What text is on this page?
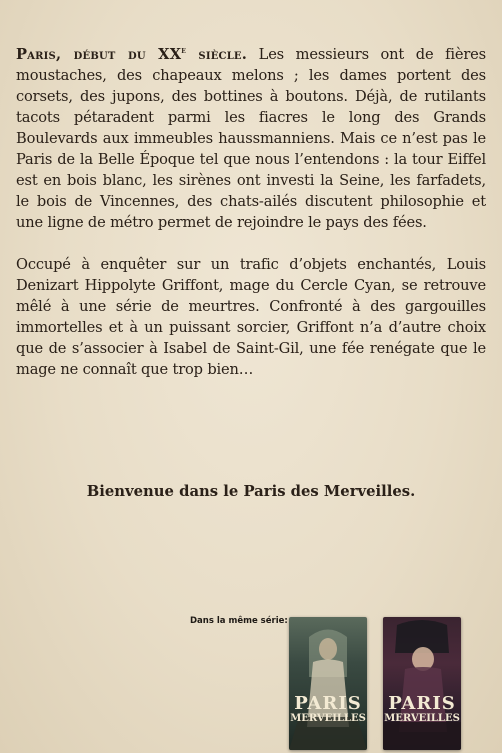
Paris, début du XXe siècle. Les messieurs ont de fières moustaches, des chapeaux melons ; les dames portent des corsets, des jupons, des bottines à boutons. Déjà, de rutilants tacots pétaradent parmi les fiacres le long des Grands Boulevards aux immeubles haussmanniens. Mais ce n’est pas le Paris de la Belle Époque tel que nous l’entendons : la tour Eiffel est en bois blanc, les sirènes ont investi la Seine, les farfadets, le bois de Vincennes, des chats-ailés discutent philosophie et une ligne de métro permet de rejoindre le pays des fées.

Occupé à enquêter sur un trafic d’objets enchantés, Louis Denizart Hippolyte Griffont, mage du Cercle Cyan, se retrouve mêlé à une série de meurtres. Confronté à des gargouilles immortelles et à un puissant sorcier, Griffont n’a d’autre choix que de s’associer à Isabel de Saint-Gil, une fée renégate que le mage ne connaît que trop bien…

Bienvenue dans le Paris des Merveilles.
Dans la même série:
PARIS
MERVEILLES
PARIS
MERVEILLES
